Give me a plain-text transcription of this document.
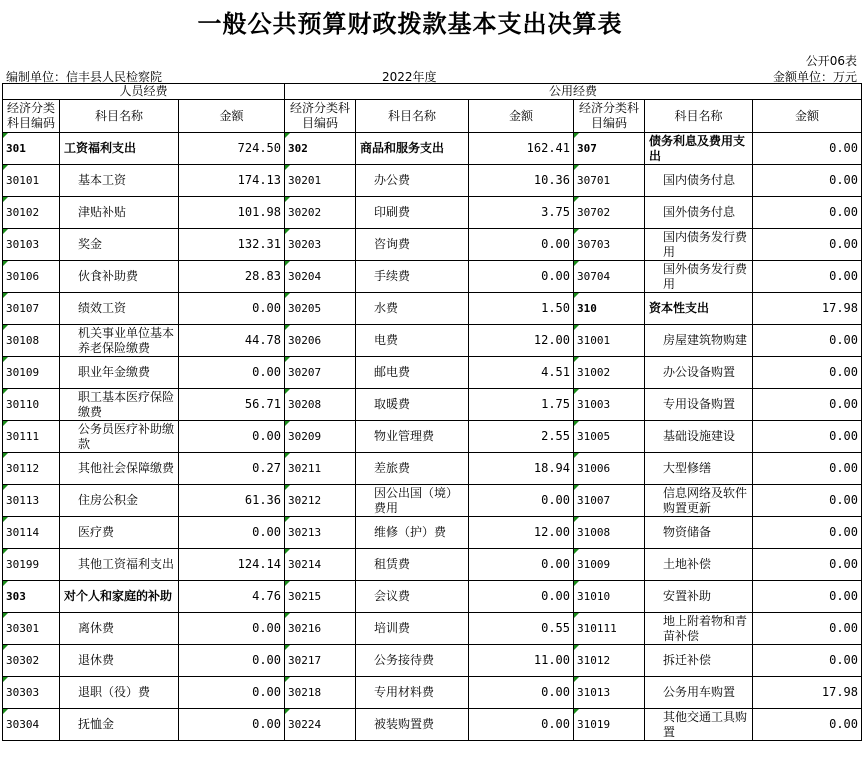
一般公共预算财政拨款基本支出决算表
公开06表
编制单位：信丰县人民检察院	2022年度	金额单位：万元
人员经费			公用经费					
经济分类科目编码	科目名称	金额	经济分类科目编码	科目名称	金额	经济分类科目编码	科目名称	金额

301	工资福利支出	724.50	302	商品和服务支出	162.41	307	债务利息及费用支出	0.00

30101	基本工资	174.13	30201	办公费	10.36	30701	国内债务付息	0.00

30102	津贴补贴	101.98	30202	印刷费	3.75	30702	国外债务付息	0.00

30103	奖金	132.31	30203	咨询费	0.00	30703	国内债务发行费用	0.00

30106	伙食补助费	28.83	30204	手续费	0.00	30704	国外债务发行费用	0.00

30107	绩效工资	0.00	30205	水费	1.50	310	资本性支出	17.98

30108	机关事业单位基本养老保险缴费	44.78	30206	电费	12.00	31001	房屋建筑物购建	0.00

30109	职业年金缴费	0.00	30207	邮电费	4.51	31002	办公设备购置	0.00

30110	职工基本医疗保险缴费	56.71	30208	取暖费	1.75	31003	专用设备购置	0.00

30111	公务员医疗补助缴款	0.00	30209	物业管理费	2.55	31005	基础设施建设	0.00

30112	其他社会保障缴费	0.27	30211	差旅费	18.94	31006	大型修缮	0.00

30113	住房公积金	61.36	30212	因公出国（境）费用	0.00	31007	信息网络及软件购置更新	0.00

30114	医疗费	0.00	30213	维修（护）费	12.00	31008	物资储备	0.00

30199	其他工资福利支出	124.14	30214	租赁费	0.00	31009	土地补偿	0.00

303	对个人和家庭的补助	4.76	30215	会议费	0.00	31010	安置补助	0.00

30301	离休费	0.00	30216	培训费	0.55	310111	地上附着物和青苗补偿	0.00

30302	退休费	0.00	30217	公务接待费	11.00	31012	拆迁补偿	0.00

30303	退职（役）费	0.00	30218	专用材料费	0.00	31013	公务用车购置	17.98

30304	抚恤金	0.00	30224	被装购置费	0.00	31019	其他交通工具购置	0.00
